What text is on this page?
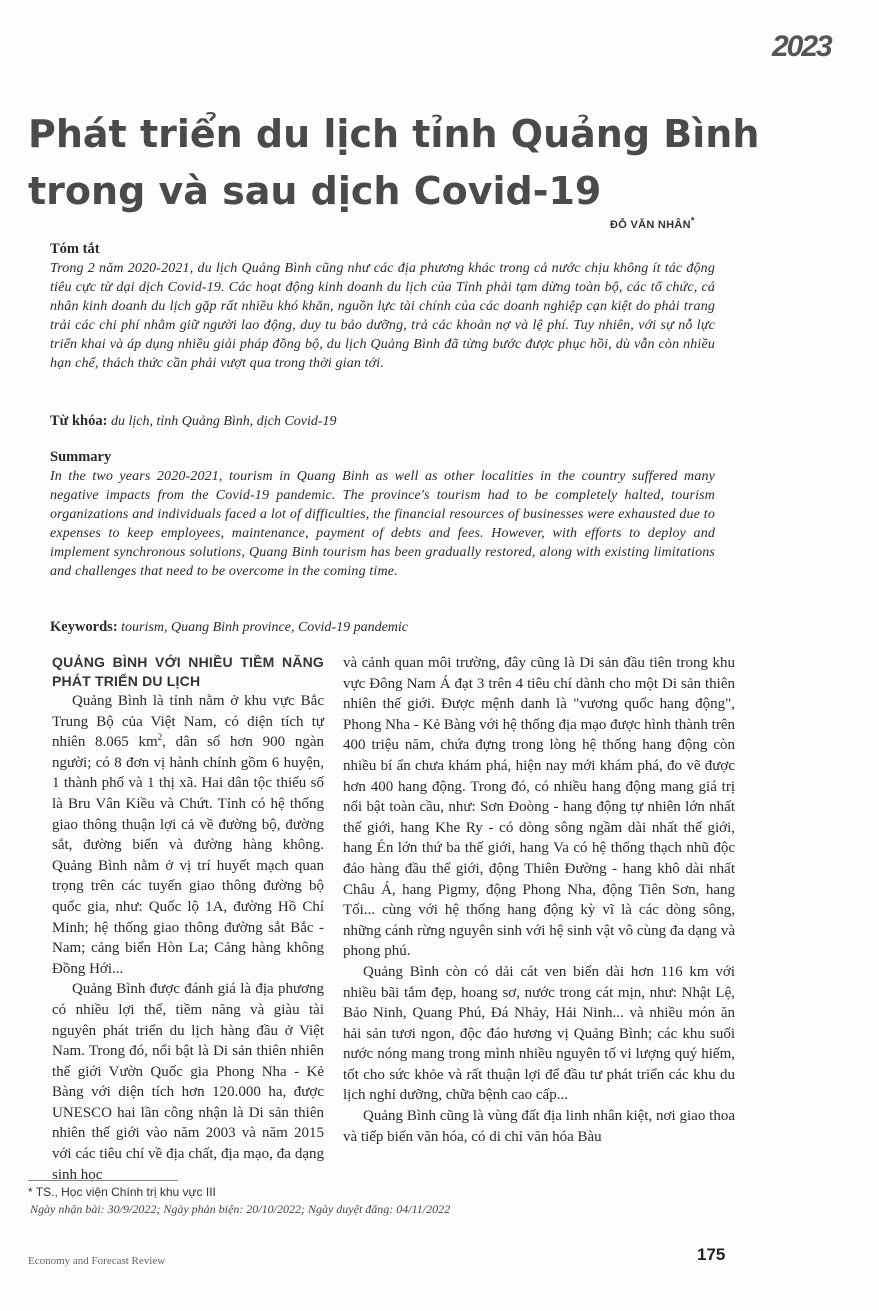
2023
Phát triển du lịch tỉnh Quảng Bình trong và sau dịch Covid-19
ĐỖ VĂN NHÂN*
Tóm tắt
Trong 2 năm 2020-2021, du lịch Quảng Bình cũng như các địa phương khác trong cả nước chịu không ít tác động tiêu cực từ dại dịch Covid-19. Các hoạt động kinh doanh du lịch của Tỉnh phải tạm dừng toàn bộ, các tổ chức, cá nhân kinh doanh du lịch gặp rất nhiều khó khăn, nguồn lực tài chính của các doanh nghiệp cạn kiệt do phải trang trải các chi phí nhằm giữ người lao động, duy tu bảo dưỡng, trả các khoản nợ và lệ phí. Tuy nhiên, với sự nỗ lực triển khai và áp dụng nhiều giải pháp đồng bộ, du lịch Quảng Bình đã từng bước được phục hồi, dù vẫn còn nhiều hạn chế, thách thức cần phải vượt qua trong thời gian tới.
Từ khóa: du lịch, tỉnh Quảng Bình, dịch Covid-19
Summary
In the two years 2020-2021, tourism in Quang Binh as well as other localities in the country suffered many negative impacts from the Covid-19 pandemic. The province's tourism had to be completely halted, tourism organizations and individuals faced a lot of difficulties, the financial resources of businesses were exhausted due to expenses to keep employees, maintenance, payment of debts and fees. However, with efforts to deploy and implement synchronous solutions, Quang Binh tourism has been gradually restored, along with existing limitations and challenges that need to be overcome in the coming time.
Keywords: tourism, Quang Binh province, Covid-19 pandemic

QUẢNG BÌNH VỚI NHIỀU TIỀM NĂNG PHÁT TRIỂN DU LỊCH

Quảng Bình là tỉnh nằm ở khu vực Bắc Trung Bộ của Việt Nam, có diện tích tự nhiên 8.065 $km^2$, dân số hơn 900 ngàn người; có 8 đơn vị hành chính gồm 6 huyện, 1 thành phố và 1 thị xã. Hai dân tộc thiểu số là Bru Vân Kiều và Chứt. Tỉnh có hệ thống giao thông thuận lợi cả về đường bộ, đường sắt, đường biển và đường hàng không. Quảng Bình nằm ở vị trí huyết mạch quan trọng trên các tuyến giao thông đường bộ quốc gia, như: Quốc lộ 1A, đường Hồ Chí Minh; hệ thống giao thông đường sắt Bắc - Nam; cảng biển Hòn La; Cảng hàng không Đồng Hới...

Quảng Bình được đánh giá là địa phương có nhiều lợi thế, tiềm năng và giàu tài nguyên phát triển du lịch hàng đầu ở Việt Nam. Trong đó, nổi bật là Di sản thiên nhiên thế giới Vườn Quốc gia Phong Nha - Kẻ Bàng với diện tích hơn 120.000 ha, được UNESCO hai lần công nhận là Di sản thiên nhiên thế giới vào năm 2003 và năm 2015 với các tiêu chí về địa chất, địa mạo, đa dạng sinh học

và cảnh quan môi trường, đây cũng là Di sản đầu tiên trong khu vực Đông Nam Á đạt 3 trên 4 tiêu chí dành cho một Di sản thiên nhiên thế giới. Được mệnh danh là "vương quốc hang động", Phong Nha - Kẻ Bàng với hệ thống địa mạo được hình thành trên 400 triệu năm, chứa đựng trong lòng hệ thống hang động còn nhiều bí ẩn chưa khám phá, hiện nay mới khám phá, đo vẽ được hơn 400 hang động. Trong đó, có nhiều hang động mang giá trị nổi bật toàn cầu, như: Sơn Đoòng - hang động tự nhiên lớn nhất thế giới, hang Khe Ry - có dòng sông ngầm dài nhất thế giới, hang Én lớn thứ ba thế giới, hang Va có hệ thống thạch nhũ độc đáo hàng đầu thế giới, động Thiên Đường - hang khô dài nhất Châu Á, hang Pigmy, động Phong Nha, động Tiên Sơn, hang Tối... cùng với hệ thống hang động kỳ vĩ là các dòng sông, những cánh rừng nguyên sinh với hệ sinh vật vô cùng đa dạng và phong phú.

Quảng Bình còn có dải cát ven biển dài hơn 116 km với nhiều bãi tắm đẹp, hoang sơ, nước trong cát mịn, như: Nhật Lệ, Bảo Ninh, Quang Phú, Đá Nhảy, Hải Ninh... và nhiều món ăn hải sản tươi ngon, độc đáo hương vị Quảng Bình; các khu suối nước nóng mang trong mình nhiều nguyên tố vi lượng quý hiếm, tốt cho sức khỏe và rất thuận lợi để đầu tư phát triển các khu du lịch nghỉ dưỡng, chữa bệnh cao cấp...

Quảng Bình cũng là vùng đất địa linh nhân kiệt, nơi giao thoa và tiếp biến văn hóa, có di chỉ văn hóa Bàu

* TS., Học viện Chính trị khu vực III
Ngày nhận bài: 30/9/2022; Ngày phản biện: 20/10/2022; Ngày duyệt đăng: 04/11/2022
Economy and Forecast Review	175
